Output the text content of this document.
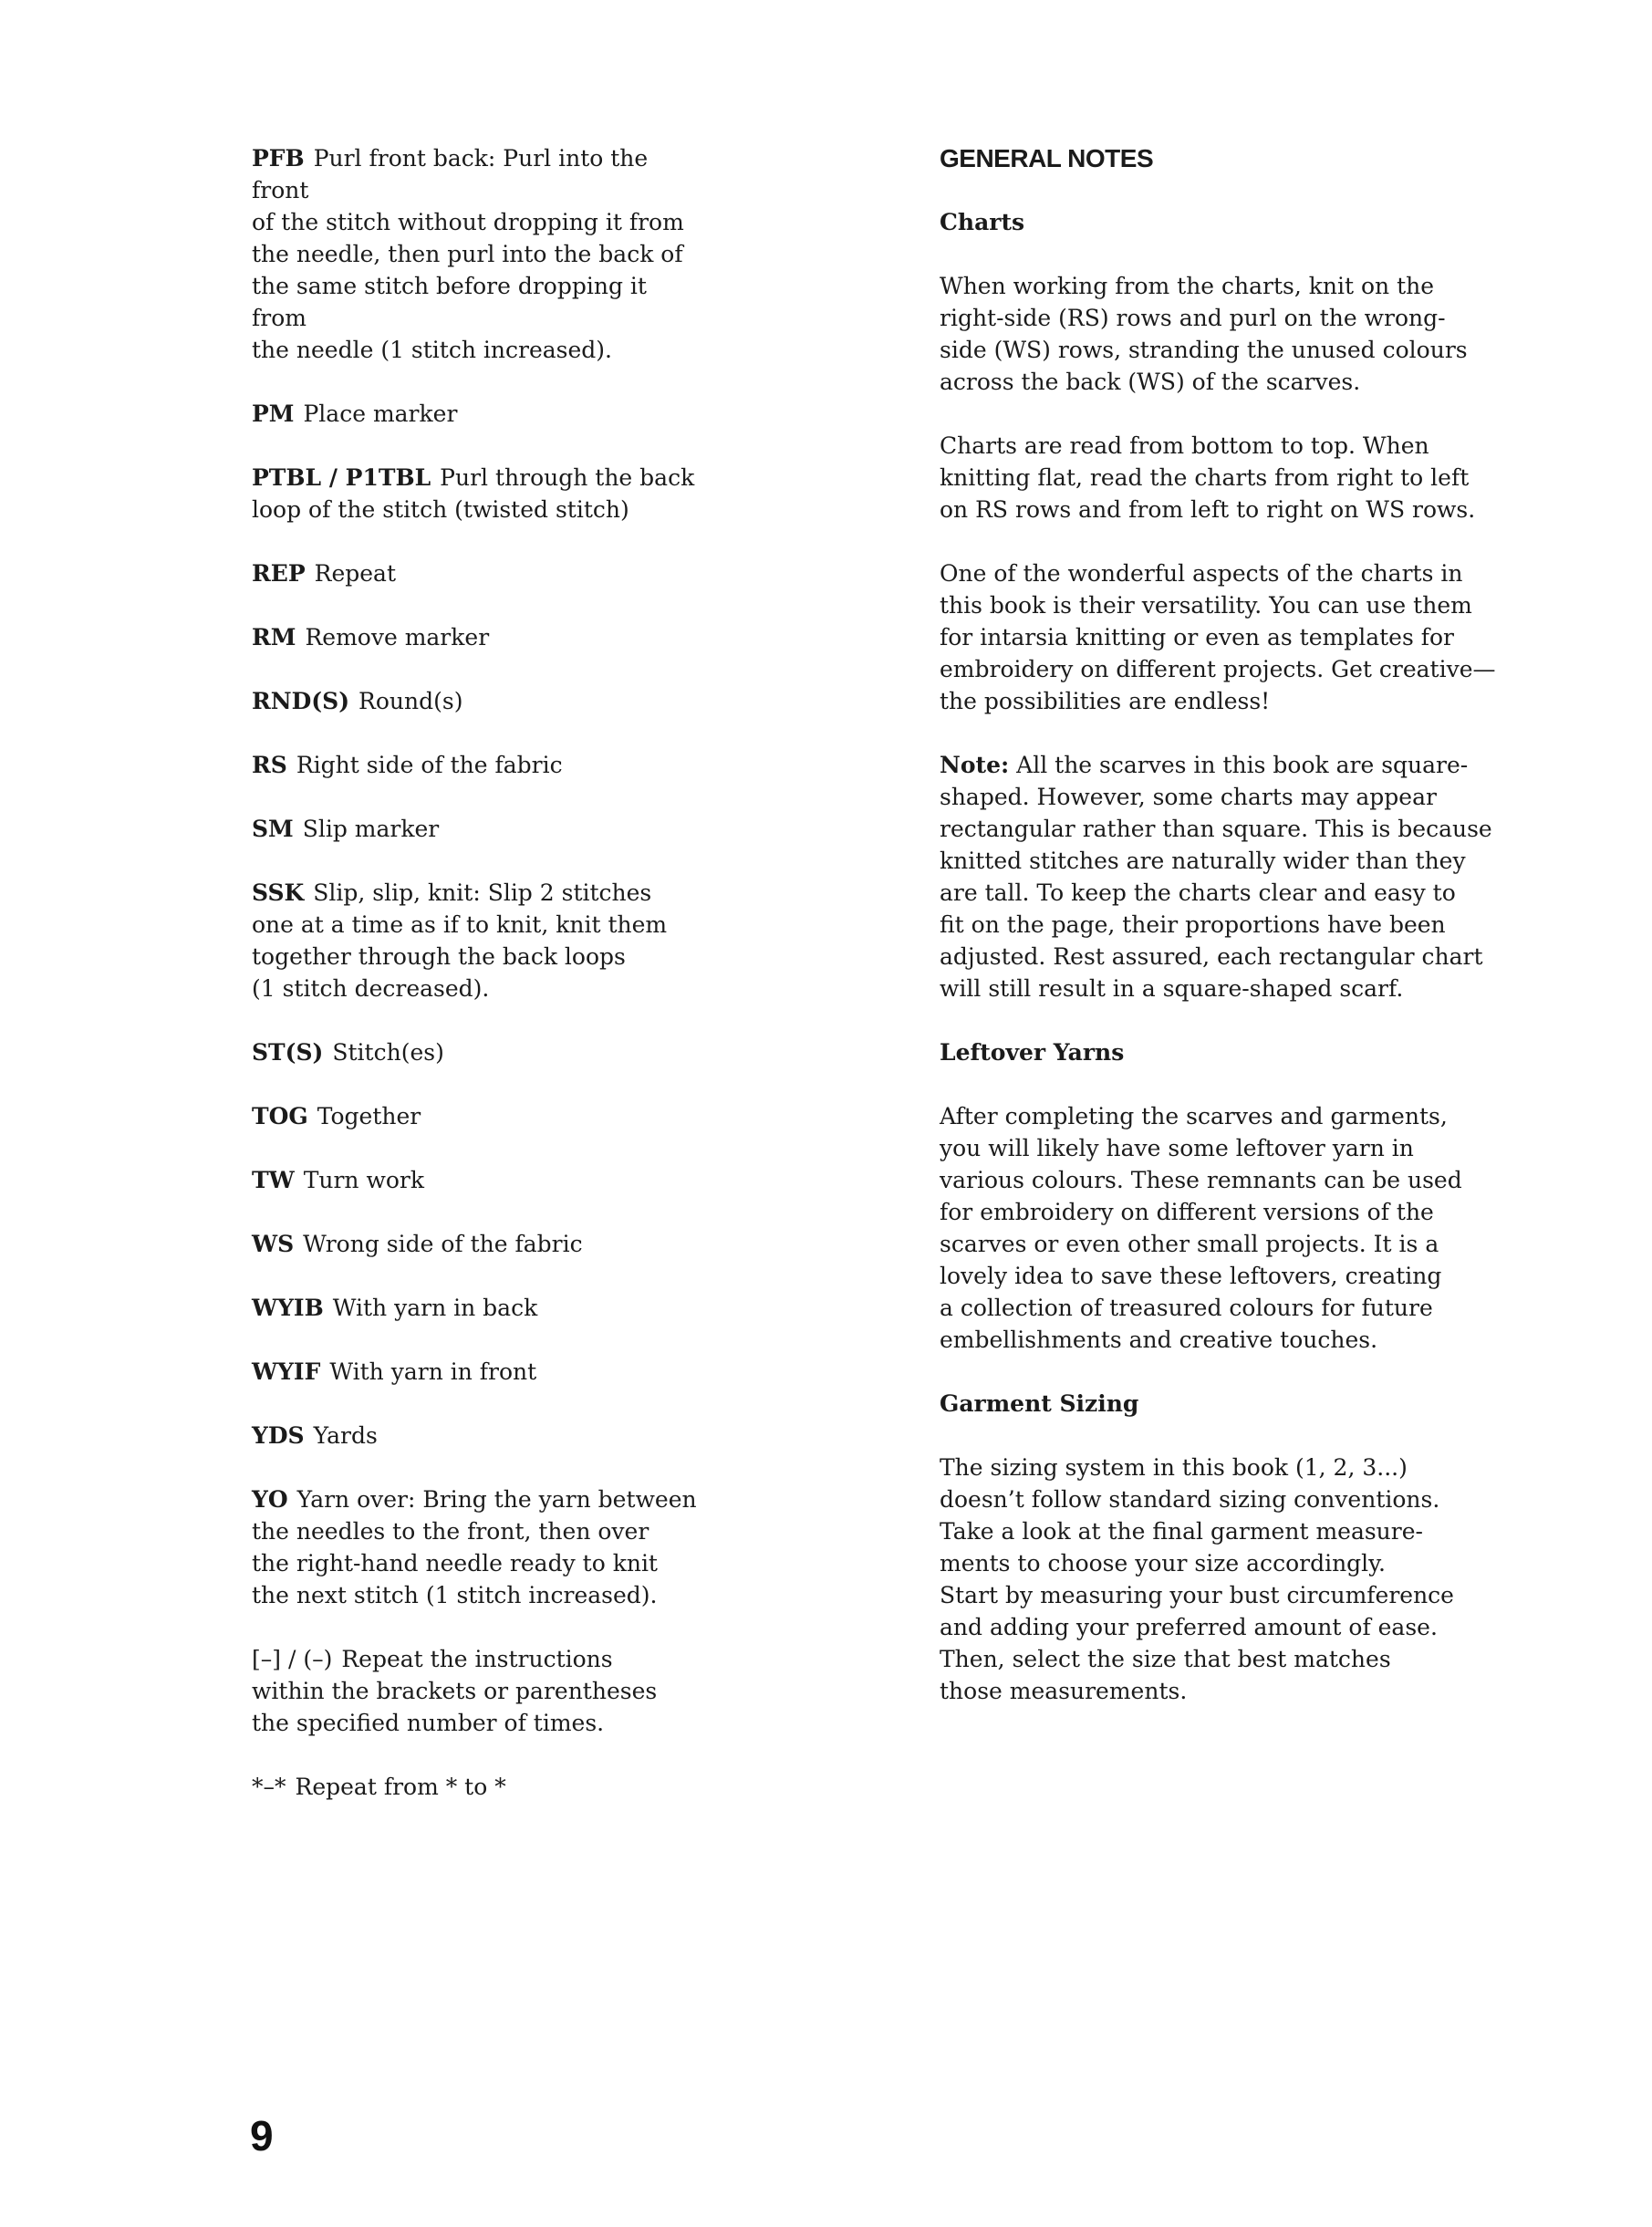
PFB Purl front back: Purl into the front
of the stitch without dropping it from
the needle, then purl into the back of
the same stitch before dropping it from
the needle (1 stitch increased).

PM Place marker

PTBL / P1TBL Purl through the back
loop of the stitch (twisted stitch)

REP Repeat

RM Remove marker

RND(S) Round(s)

RS Right side of the fabric

SM Slip marker

SSK Slip, slip, knit: Slip 2 stitches
one at a time as if to knit, knit them
together through the back loops
(1 stitch decreased).

ST(S) Stitch(es)

TOG Together

TW Turn work

WS Wrong side of the fabric

WYIB With yarn in back

WYIF With yarn in front

YDS Yards

YO Yarn over: Bring the yarn between
the needles to the front, then over
the right-hand needle ready to knit
the next stitch (1 stitch increased).

[–] / (–) Repeat the instructions
within the brackets or parentheses
the specified number of times.

*–* Repeat from * to *

GENERAL NOTES
Charts

When working from the charts, knit on the
right-side (RS) rows and purl on the wrong-
side (WS) rows, stranding the unused colours
across the back (WS) of the scarves.

Charts are read from bottom to top. When
knitting flat, read the charts from right to left
on RS rows and from left to right on WS rows.

One of the wonderful aspects of the charts in
this book is their versatility. You can use them
for intarsia knitting or even as templates for
embroidery on different projects. Get creative—
the possibilities are endless!

Note: All the scarves in this book are square-
shaped. However, some charts may appear
rectangular rather than square. This is because
knitted stitches are naturally wider than they
are tall. To keep the charts clear and easy to
fit on the page, their proportions have been
adjusted. Rest assured, each rectangular chart
will still result in a square-shaped scarf.

Leftover Yarns

After completing the scarves and garments,
you will likely have some leftover yarn in
various colours. These remnants can be used
for embroidery on different versions of the
scarves or even other small projects. It is a
lovely idea to save these leftovers, creating
a collection of treasured colours for future
embellishments and creative touches.

Garment Sizing

The sizing system in this book (1, 2, 3...)
doesn’t follow standard sizing conventions.
Take a look at the final garment measure-
ments to choose your size accordingly.
Start by measuring your bust circumference
and adding your preferred amount of ease.
Then, select the size that best matches
those measurements.

9
